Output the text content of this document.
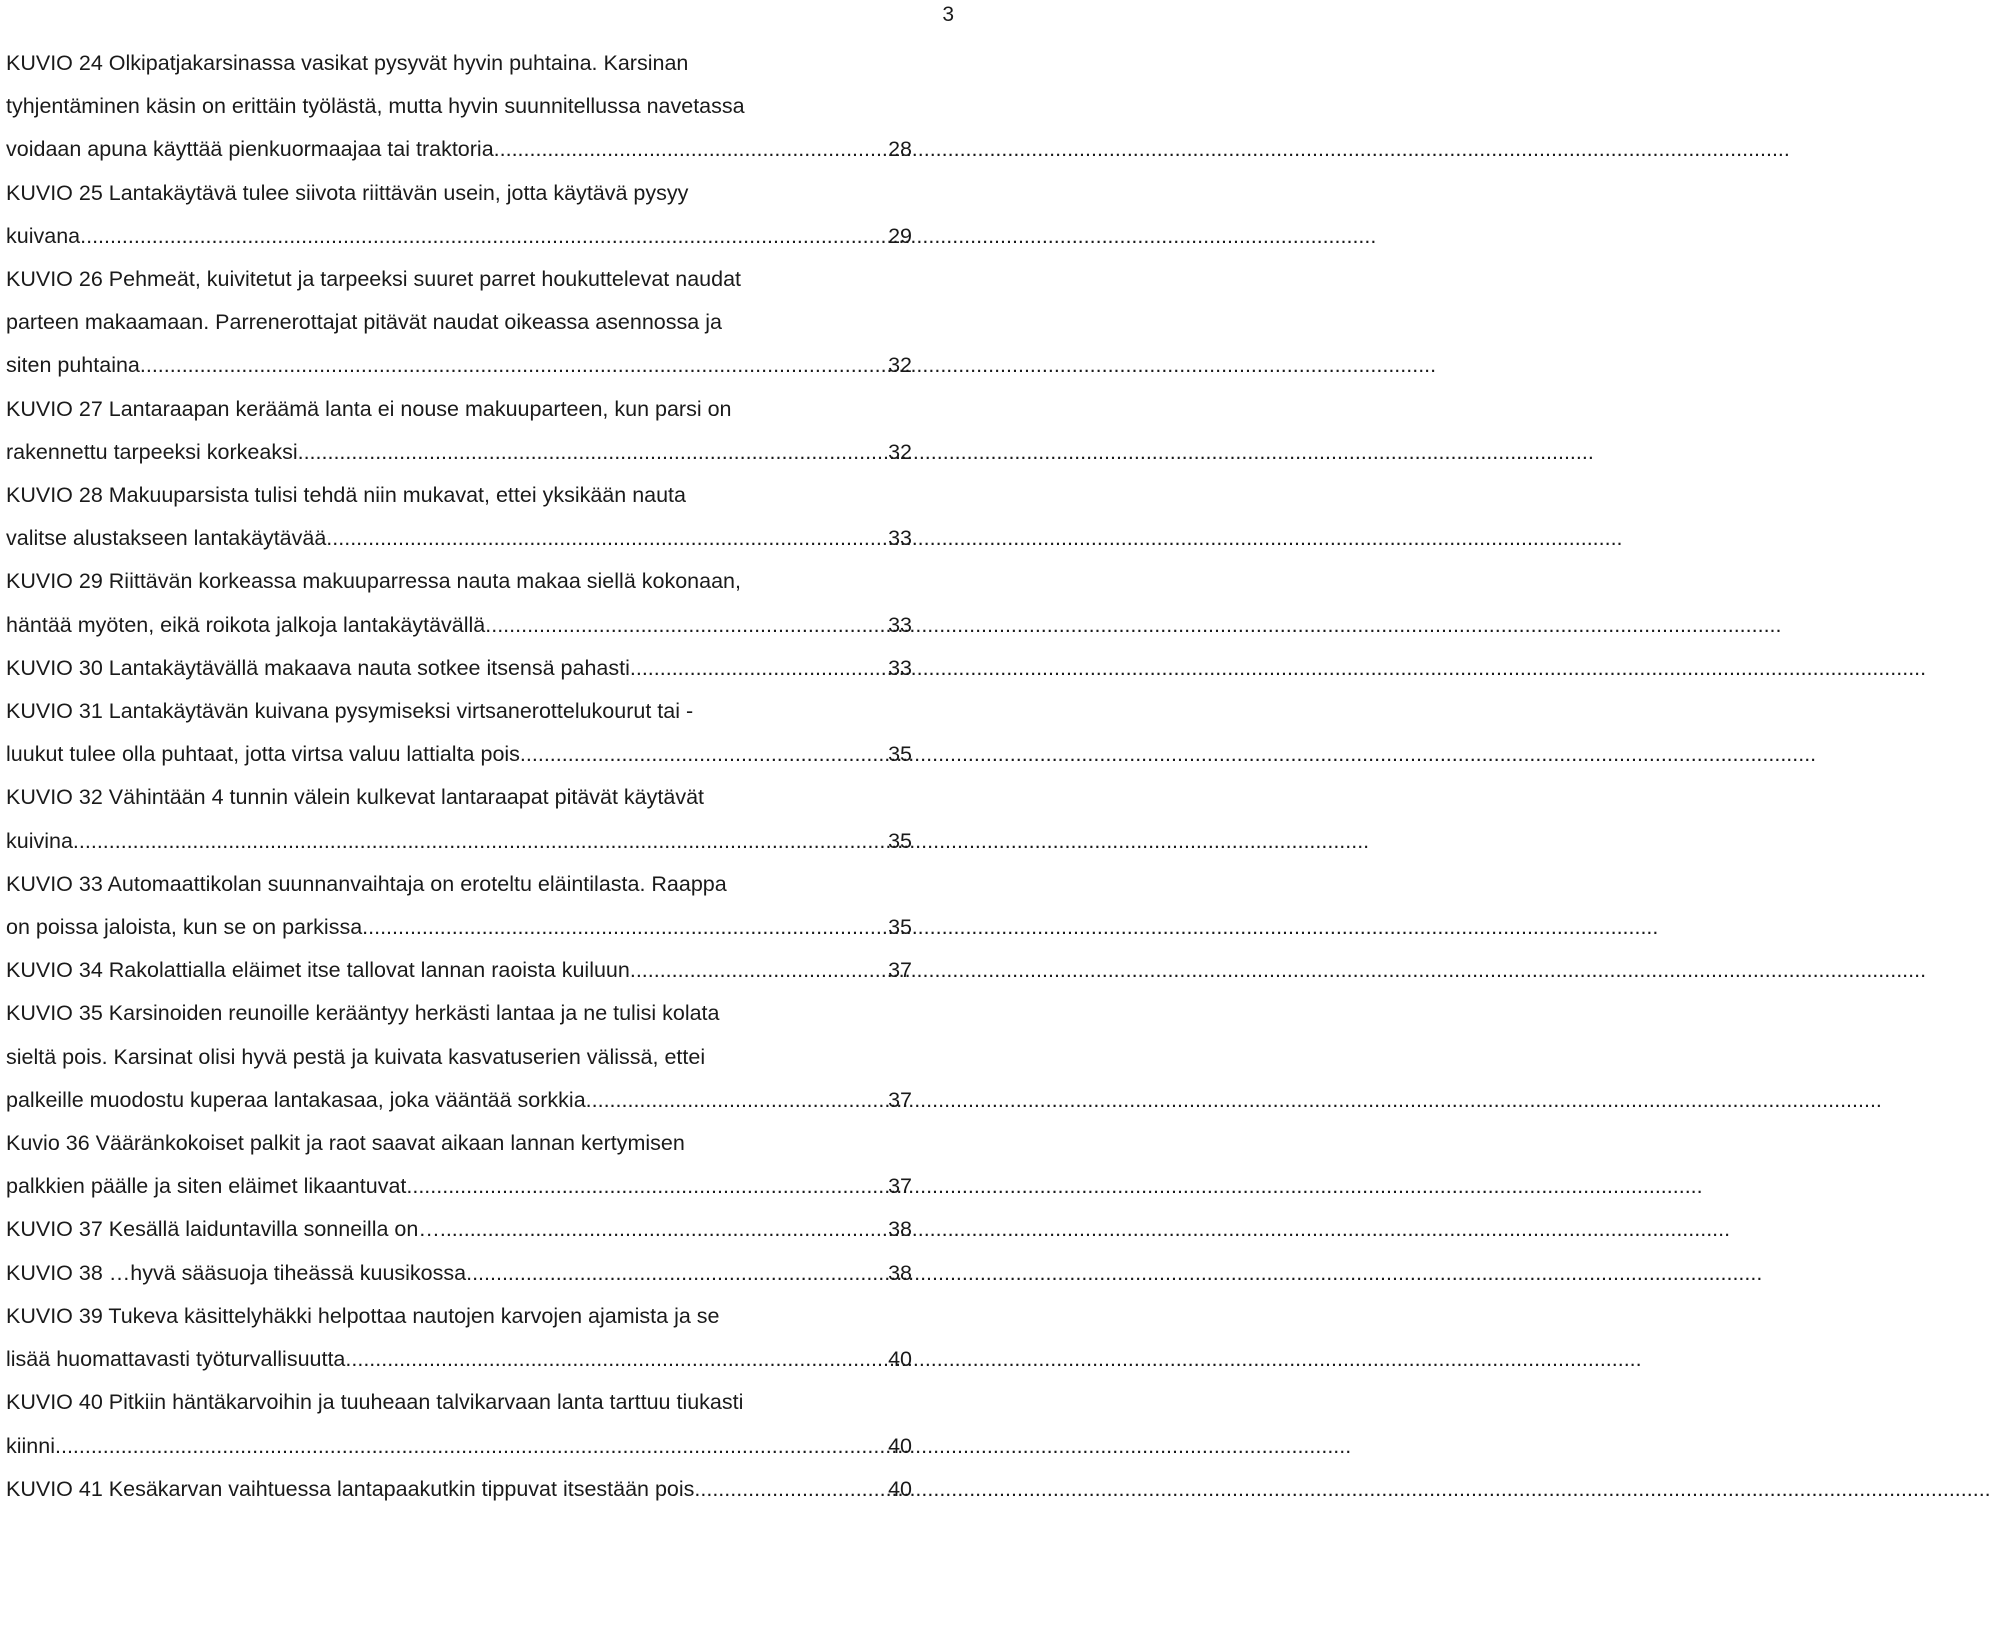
3
KUVIO 24 Olkipatjakarsinassa vasikat pysyvät hyvin puhtaina. Karsinan
tyhjentäminen käsin on erittäin työlästä, mutta hyvin suunnitellussa navetassa
voidaan apuna käyttää pienkuormaajaa tai traktoria. .....	28
KUVIO 25 Lantakäytävä tulee siivota riittävän usein, jotta käytävä pysyy
kuivana. .....	29
KUVIO 26 Pehmeät, kuivitetut ja tarpeeksi suuret parret houkuttelevat naudat
parteen makaamaan. Parrenerottajat pitävät naudat oikeassa asennossa ja
siten puhtaina. .....	32
KUVIO 27 Lantaraapan keräämä lanta ei nouse makuuparteen, kun parsi on
rakennettu tarpeeksi korkeaksi. .....	32
KUVIO 28 Makuuparsista tulisi tehdä niin mukavat, ettei yksikään nauta
valitse alustakseen lantakäytävää. .....	33
KUVIO 29 Riittävän korkeassa makuuparressa nauta makaa siellä kokonaan,
häntää myöten, eikä roikota jalkoja lantakäytävällä. .....	33
KUVIO 30 Lantakäytävällä makaava nauta sotkee itsensä pahasti. .....	33
KUVIO 31 Lantakäytävän kuivana pysymiseksi virtsanerottelukourut tai -
luukut tulee olla puhtaat, jotta virtsa valuu lattialta pois. .....	35
KUVIO 32 Vähintään 4 tunnin välein kulkevat lantaraapat pitävät käytävät
kuivina. .....	35
KUVIO 33 Automaattikolan suunnanvaihtaja on eroteltu eläintilasta. Raappa
on poissa jaloista, kun se on parkissa. .....	35
KUVIO 34 Rakolattialla eläimet itse tallovat lannan raoista kuiluun. .....	37
KUVIO 35 Karsinoiden reunoille kerääntyy herkästi lantaa ja ne tulisi kolata
sieltä pois. Karsinat olisi hyvä pestä ja kuivata kasvatuserien välissä, ettei
palkeille muodostu kuperaa lantakasaa, joka vääntää sorkkia. .....	37
Kuvio 36 Vääränkokoiset palkit ja raot saavat aikaan lannan kertymisen
palkkien päälle ja siten eläimet likaantuvat. .....	37
KUVIO 37 Kesällä laiduntavilla sonneilla on… .....	38
KUVIO 38 …hyvä sääsuoja tiheässä kuusikossa. .....	38
KUVIO 39 Tukeva käsittelyhäkki helpottaa nautojen karvojen ajamista ja se
lisää huomattavasti työturvallisuutta. .....	40
KUVIO 40 Pitkiin häntäkarvoihin ja tuuheaan talvikarvaan lanta tarttuu tiukasti
kiinni. .....	40
KUVIO 41 Kesäkarvan vaihtuessa lantapaakutkin tippuvat itsestään pois. .....	40
